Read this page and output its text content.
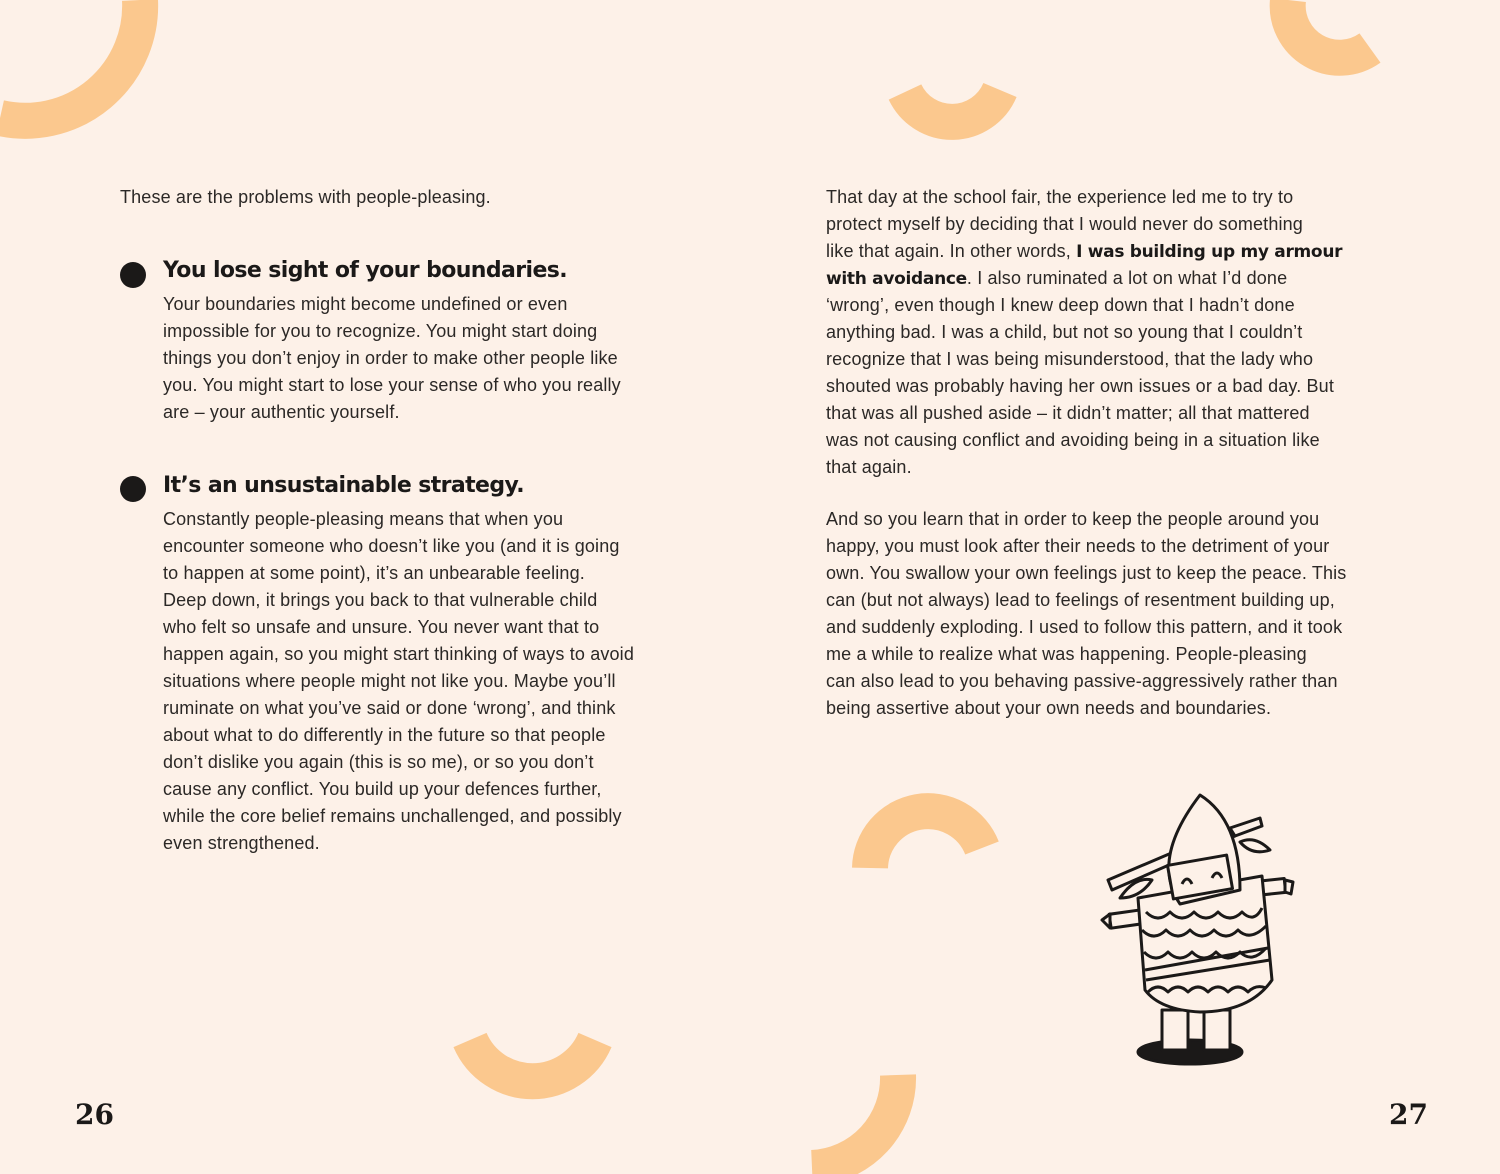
These are the problems with people-pleasing.
You lose sight of your boundaries.
Your boundaries might become undefined or even
impossible for you to recognize. You might start doing
things you don’t enjoy in order to make other people like
you. You might start to lose your sense of who you really
are – your authentic yourself.
It’s an unsustainable strategy.
Constantly people-pleasing means that when you
encounter someone who doesn’t like you (and it is going
to happen at some point), it’s an unbearable feeling.
Deep down, it brings you back to that vulnerable child
who felt so unsafe and unsure. You never want that to
happen again, so you might start thinking of ways to avoid
situations where people might not like you. Maybe you’ll
ruminate on what you’ve said or done ‘wrong’, and think
about what to do differently in the future so that people
don’t dislike you again (this is so me), or so you don’t
cause any conflict. You build up your defences further,
while the core belief remains unchallenged, and possibly
even strengthened.
26
That day at the school fair, the experience led me to try to
protect myself by deciding that I would never do something
like that again. In other words, I was building up my armour
with avoidance. I also ruminated a lot on what I’d done
‘wrong’, even though I knew deep down that I hadn’t done
anything bad. I was a child, but not so young that I couldn’t
recognize that I was being misunderstood, that the lady who
shouted was probably having her own issues or a bad day. But
that was all pushed aside – it didn’t matter; all that mattered
was not causing conflict and avoiding being in a situation like
that again.
And so you learn that in order to keep the people around you
happy, you must look after their needs to the detriment of your
own. You swallow your own feelings just to keep the peace. This
can (but not always) lead to feelings of resentment building up,
and suddenly exploding. I used to follow this pattern, and it took
me a while to realize what was happening. People-pleasing
can also lead to you behaving passive-aggressively rather than
being assertive about your own needs and boundaries.
27
